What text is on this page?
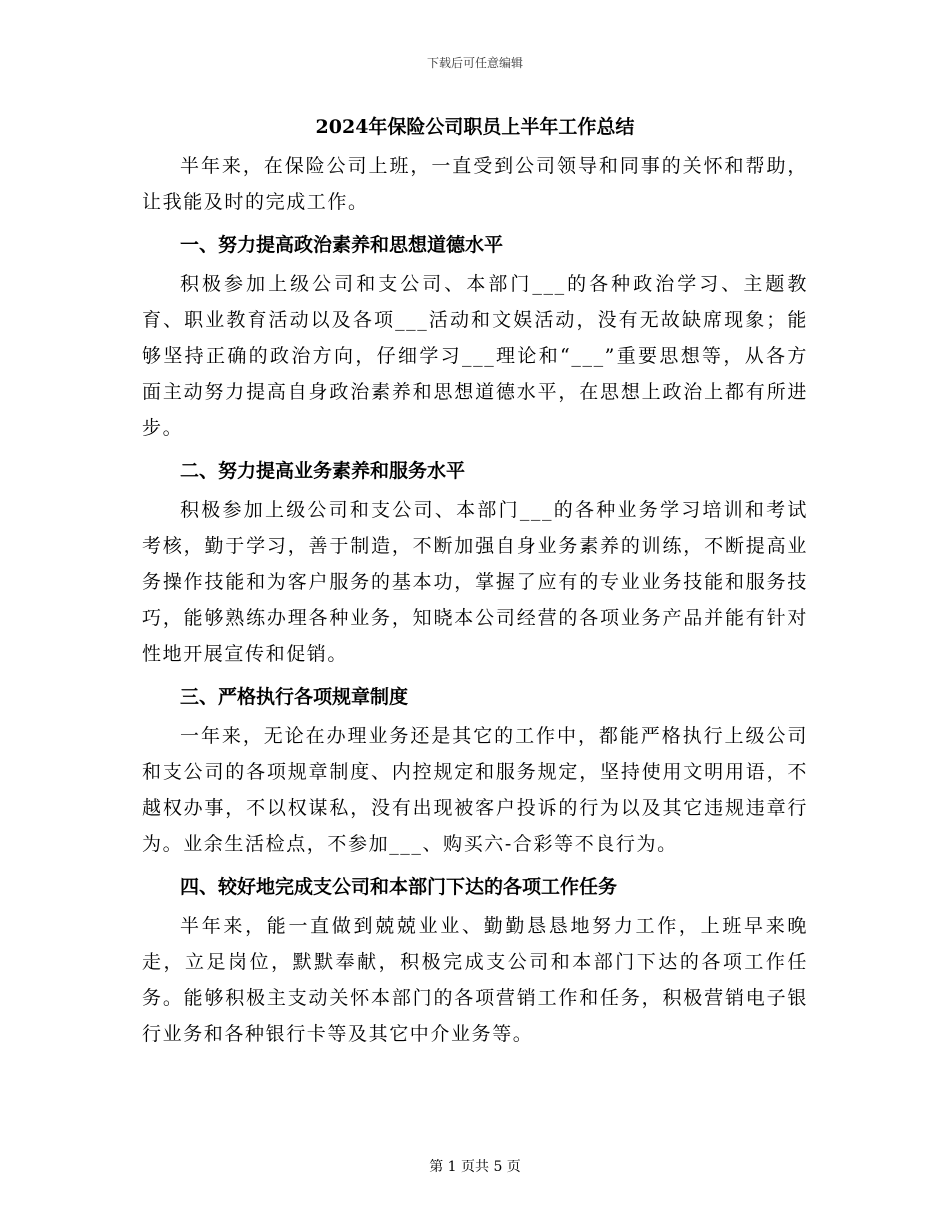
下载后可任意编辑
2024年保险公司职员上半年工作总结

半年来，在保险公司上班，一直受到公司领导和同事的关怀和帮助，让我能及时的完成工作。

一、努力提高政治素养和思想道德水平

积极参加上级公司和支公司、本部门___的各种政治学习、主题教育、职业教育活动以及各项___活动和文娱活动，没有无故缺席现象；能够坚持正确的政治方向，仔细学习___理论和“___”重要思想等，从各方面主动努力提高自身政治素养和思想道德水平，在思想上政治上都有所进步。

二、努力提高业务素养和服务水平

积极参加上级公司和支公司、本部门___的各种业务学习培训和考试考核，勤于学习，善于制造，不断加强自身业务素养的训练，不断提高业务操作技能和为客户服务的基本功，掌握了应有的专业业务技能和服务技巧，能够熟练办理各种业务，知晓本公司经营的各项业务产品并能有针对性地开展宣传和促销。

三、严格执行各项规章制度

一年来，无论在办理业务还是其它的工作中，都能严格执行上级公司和支公司的各项规章制度、内控规定和服务规定，坚持使用文明用语，不越权办事，不以权谋私，没有出现被客户投诉的行为以及其它违规违章行为。业余生活检点，不参加___、购买六-合彩等不良行为。

四、较好地完成支公司和本部门下达的各项工作任务

半年来，能一直做到兢兢业业、勤勤恳恳地努力工作，上班早来晚走，立足岗位，默默奉献，积极完成支公司和本部门下达的各项工作任务。能够积极主支动关怀本部门的各项营销工作和任务，积极营销电子银行业务和各种银行卡等及其它中介业务等。

第 1 页共 5 页
